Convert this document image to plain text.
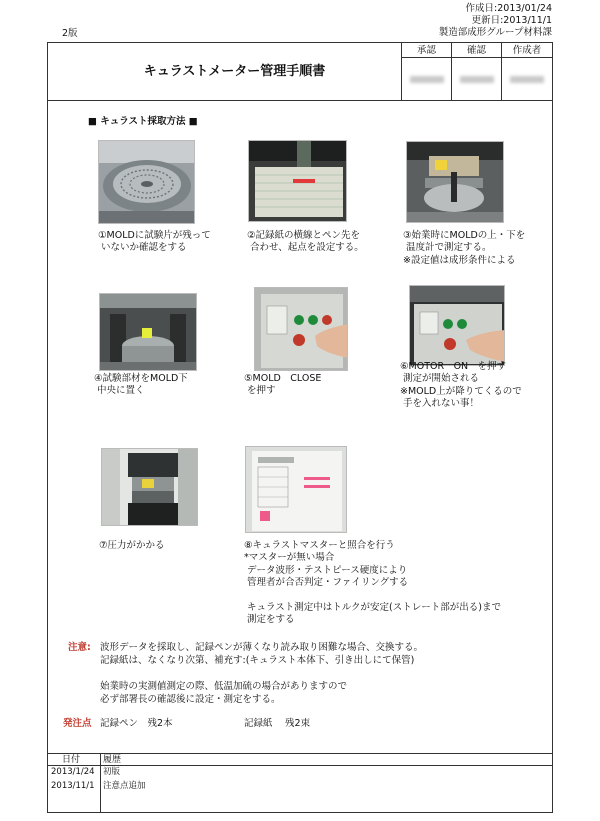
作成日:2013/01/24
更新日:2013/11/1
製造部成形グループ材料課
2版
キュラストメーター管理手順書
承認	確認	作成者
■ キュラスト採取方法 ■
①MOLDに試験片が残って
いないか確認をする
②記録紙の横線とペン先を
合わせ、起点を設定する。
③始業時にMOLDの上・下を
温度計で測定する。
※設定値は成形条件による
④試験部材をMOLD下
中央に置く
⑤MOLD　CLOSE
を押す
⑥MOTOR　ON　を押す
測定が開始される
※MOLD上が降りてくるので
手を入れない事！
⑦圧力がかかる	⑧キュラストマスターと照合を行う
*マスターが無い場合
データ波形・テストピース硬度により
管理者が合否判定・ファイリングする

キュラスト測定中はトルクが安定(ストレート部が出る)まで
測定をする
注意: 波形データを採取し、記録ペンが薄くなり読み取り困難な場合、交換する。
記録紙は、なくなり次第、補充す:(キュラスト本体下、引き出しにて保管)
始業時の実測値測定の際、低温加硫の場合がありますので
必ず部署長の確認後に設定・測定をする。
発注点 記録ペン　残2本	記録紙　 残2束
日付	履歴
2013/1/24 初版
2013/11/1 注意点追加
